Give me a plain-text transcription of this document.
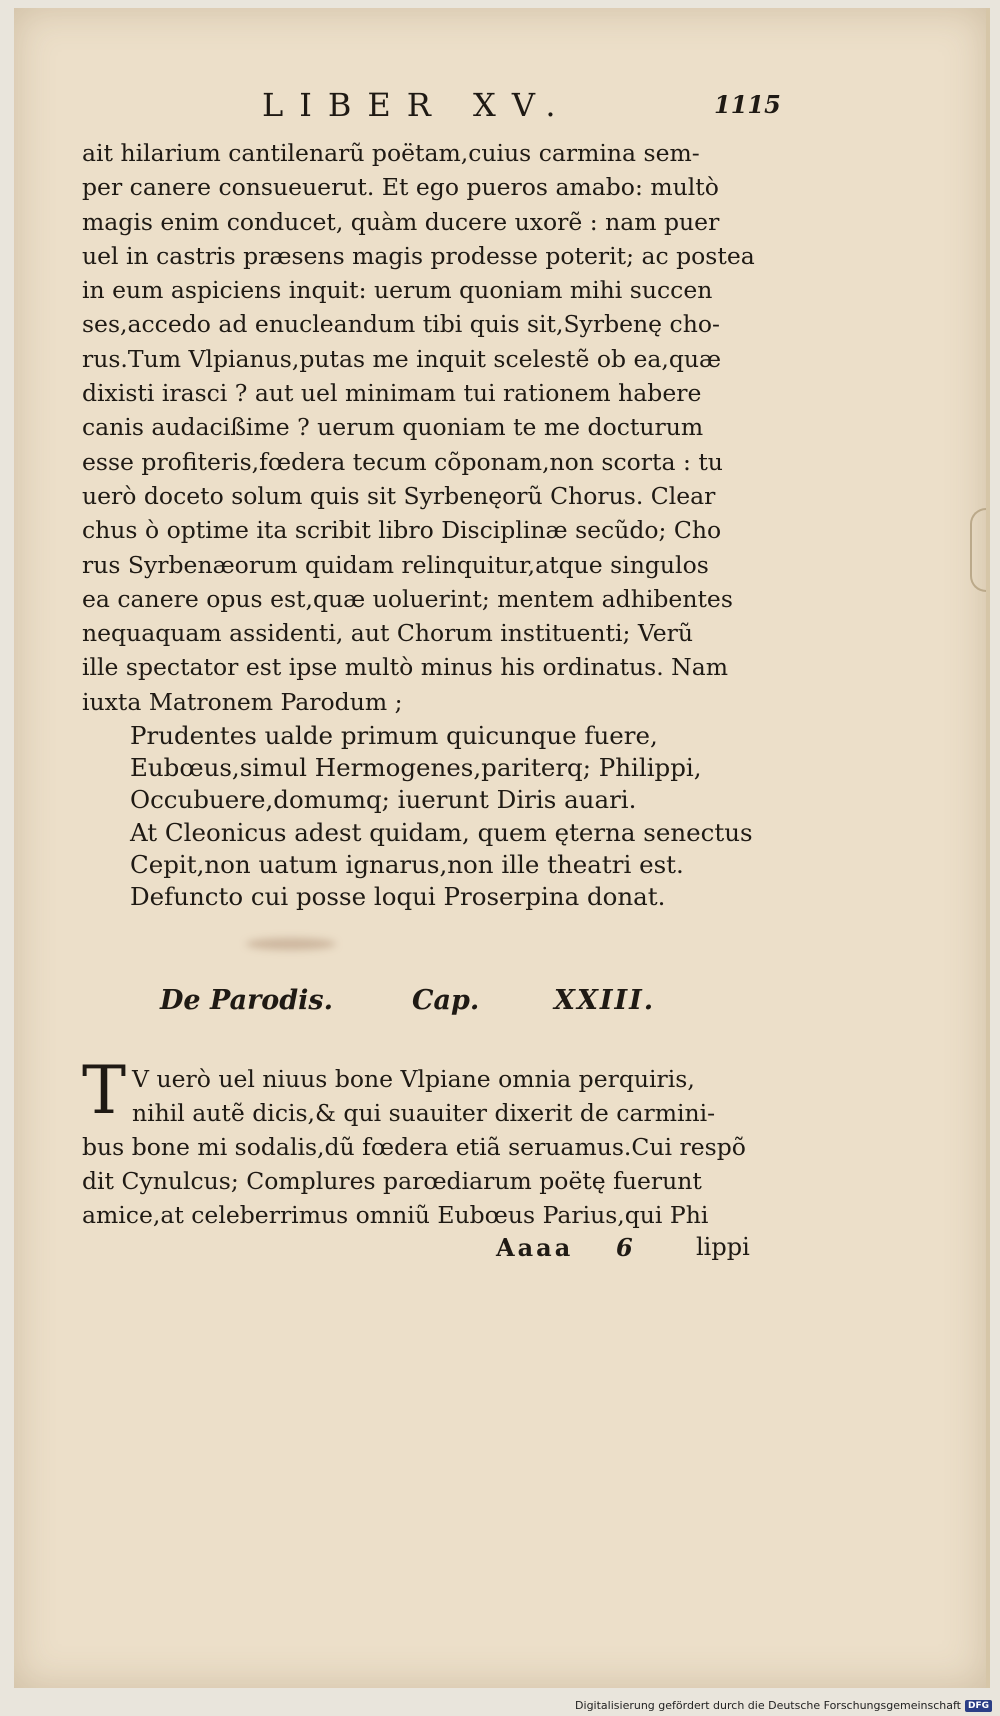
LIBER XV.	1115
ait hilarium cantilenarũ poëtam,cuius carmina sem-
per canere consueuerut. Et ego pueros amabo: multò
magis enim conducet, quàm ducere uxorẽ : nam puer
uel in castris præsens magis prodesse poterit; ac postea
in eum aspiciens inquit: uerum quoniam mihi succen
ses,accedo ad enucleandum tibi quis sit,Syrbenę cho-
rus.Tum Vlpianus,putas me inquit scelestẽ ob ea,quæ
dixisti irasci ? aut uel minimam tui rationem habere
canis audacißime ? uerum quoniam te me docturum
esse profiteris,fœdera tecum cõponam,non scorta : tu
uerò doceto solum quis sit Syrbenęorũ Chorus. Clear
chus ò optime ita scribit libro Disciplinæ secũdo; Cho
rus Syrbenæorum quidam relinquitur,atque singulos
ea canere opus est,quæ uoluerint; mentem adhibentes
nequaquam assidenti, aut Chorum instituenti; Verũ
ille spectator est ipse multò minus his ordinatus. Nam
iuxta Matronem Parodum ;
Prudentes ualde primum quicunque fuere,
Eubœus,simul Hermogenes,pariterq; Philippi,
Occubuere,domumq; iuerunt Diris auari.
At Cleonicus adest quidam, quem ęterna senectus
Cepit,non uatum ignarus,non ille theatri est.
Defuncto cui posse loqui Proserpina donat.
De Parodis.	Cap.	XXIII.
T V uerò uel niuus bone Vlpiane omnia perquiris,
nihil autẽ dicis,& qui suauiter dixerit de carmini-
bus bone mi sodalis,dũ fœdera etiã seruamus.Cui respõ
dit Cynulcus; Complures parœdiarum poëtę fuerunt
amice,at celeberrimus omniũ Eubœus Parius,qui Phi
Aaaa 6	lippi
Digitalisierung gefördert durch die Deutsche Forschungsgemeinschaft DFG
